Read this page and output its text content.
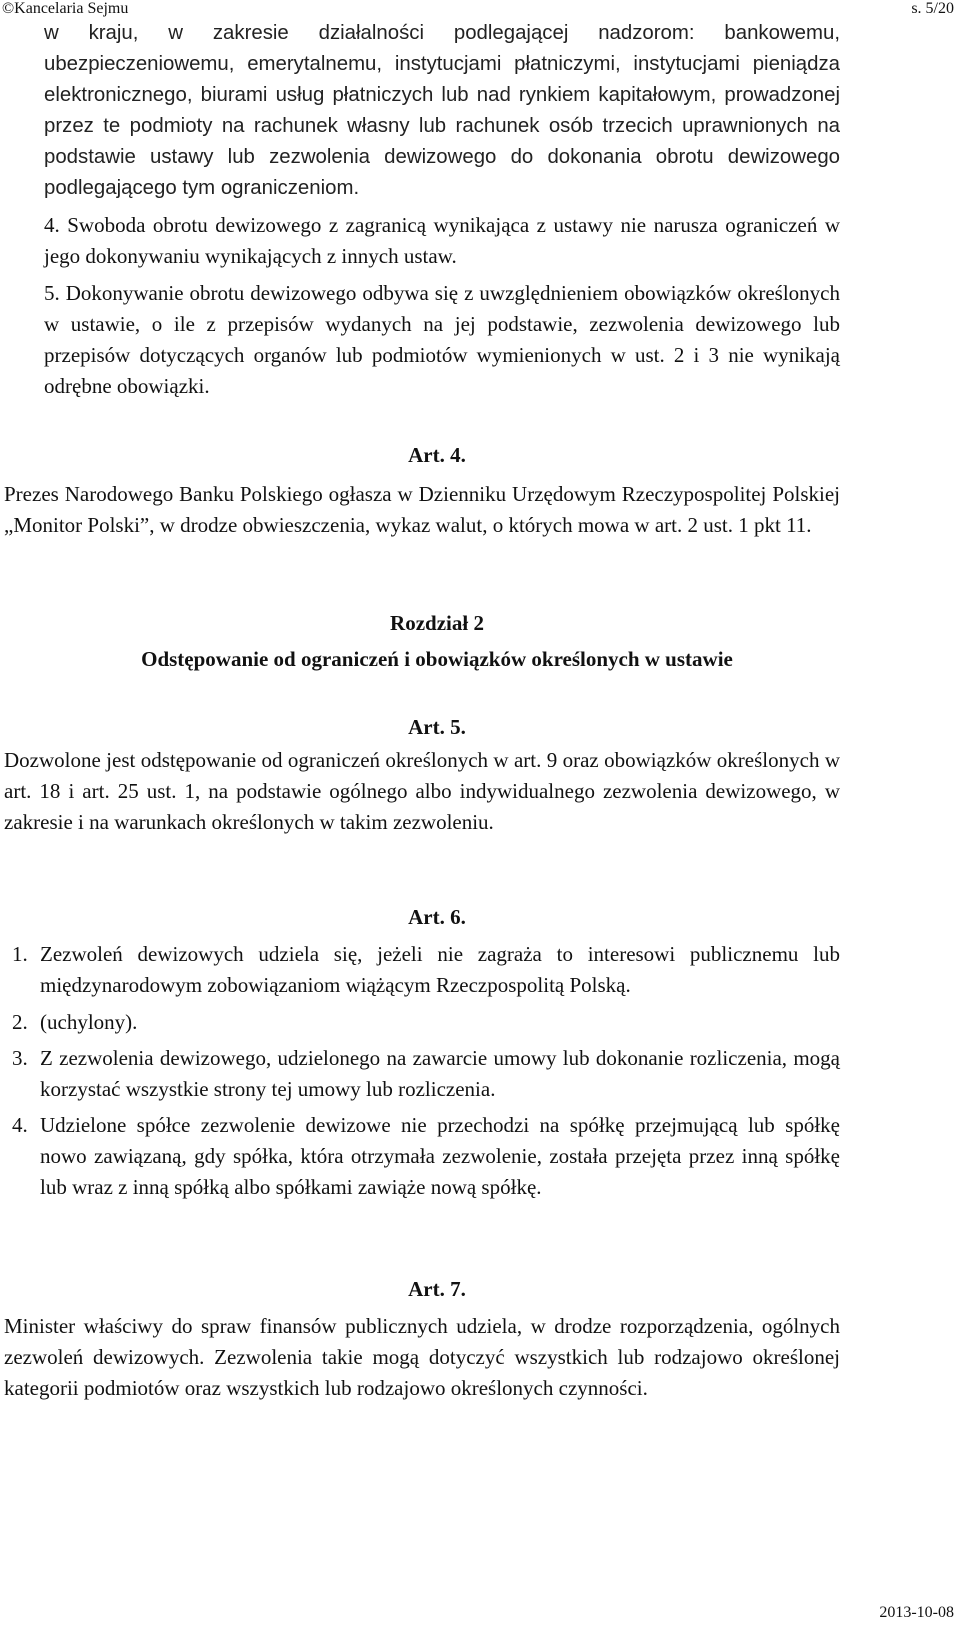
©Kancelaria Sejmu	s. 5/20

w kraju, w zakresie działalności podlegającej nadzorom: bankowemu, ubezpieczeniowemu, emerytalnemu, instytucjami płatniczymi, instytucjami pieniądza elektronicznego, biurami usług płatniczych lub nad rynkiem kapitałowym, prowadzonej przez te podmioty na rachunek własny lub rachunek osób trzecich uprawnionych na podstawie ustawy lub zezwolenia dewizowego do dokonania obrotu dewizowego podlegającego tym ograniczeniom.

4. Swoboda obrotu dewizowego z zagranicą wynikająca z ustawy nie narusza ograniczeń w jego dokonywaniu wynikających z innych ustaw.

5. Dokonywanie obrotu dewizowego odbywa się z uwzględnieniem obowiązków określonych w ustawie, o ile z przepisów wydanych na jej podstawie, zezwolenia dewizowego lub przepisów dotyczących organów lub podmiotów wymienionych w ust. 2 i 3 nie wynikają odrębne obowiązki.

Art. 4.

Prezes Narodowego Banku Polskiego ogłasza w Dzienniku Urzędowym Rzeczypospolitej Polskiej „Monitor Polski”, w drodze obwieszczenia, wykaz walut, o których mowa w art. 2 ust. 1 pkt 11.

Rozdział 2
Odstępowanie od ograniczeń i obowiązków określonych w ustawie
Art. 5.

Dozwolone jest odstępowanie od ograniczeń określonych w art. 9 oraz obowiązków określonych w art. 18 i art. 25 ust. 1, na podstawie ogólnego albo indywidualnego zezwolenia dewizowego, w zakresie i na warunkach określonych w takim zezwoleniu.

Art. 6.
1. Zezwoleń dewizowych udziela się, jeżeli nie zagraża to interesowi publicznemu lub międzynarodowym zobowiązaniom wiążącym Rzeczpospolitą Polską.

2. (uchylony).

3. Z zezwolenia dewizowego, udzielonego na zawarcie umowy lub dokonanie rozliczenia, mogą korzystać wszystkie strony tej umowy lub rozliczenia.

4. Udzielone spółce zezwolenie dewizowe nie przechodzi na spółkę przejmującą lub spółkę nowo zawiązaną, gdy spółka, która otrzymała zezwolenie, została przejęta przez inną spółkę lub wraz z inną spółką albo spółkami zawiąże nową spółkę.

Art. 7.

Minister właściwy do spraw finansów publicznych udziela, w drodze rozporządzenia, ogólnych zezwoleń dewizowych. Zezwolenia takie mogą dotyczyć wszystkich lub rodzajowo określonej kategorii podmiotów oraz wszystkich lub rodzajowo określonych czynności.

2013-10-08
